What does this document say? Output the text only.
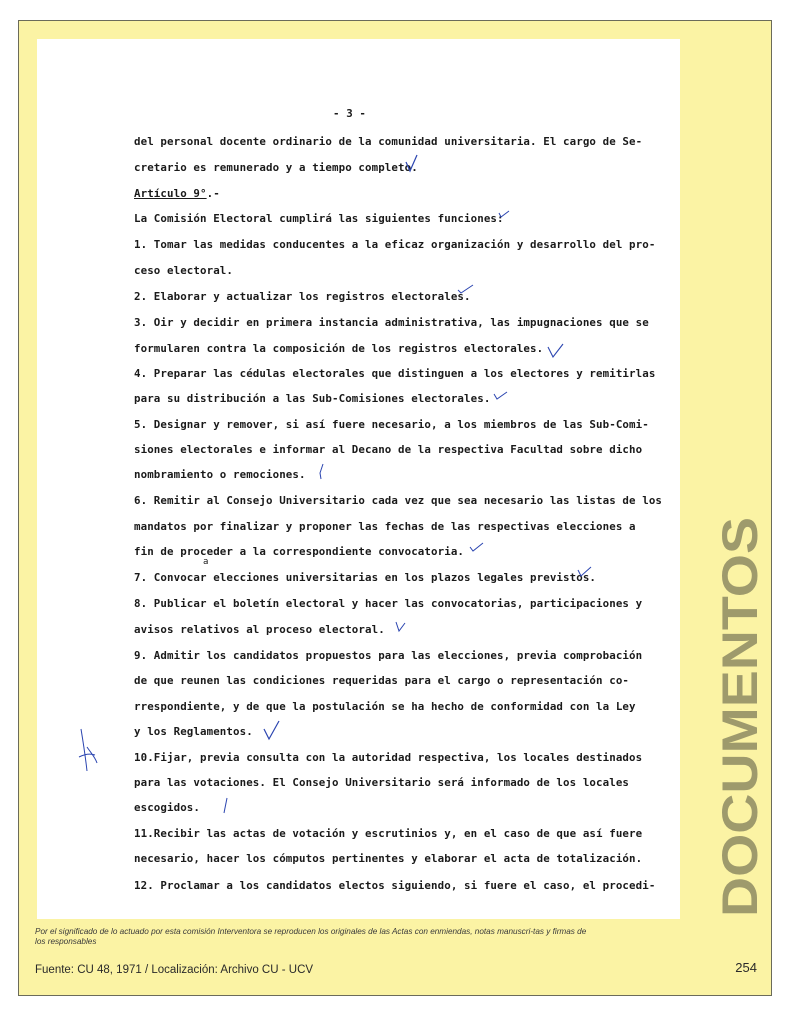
- 3 -

del personal docente ordinario de la comunidad universitaria. El cargo de Se-

cretario es remunerado y a tiempo completo.

Artículo 9°.-

La Comisión Electoral cumplirá las siguientes funciones:

1. Tomar las medidas conducentes a la eficaz organización y desarrollo del pro-

ceso electoral.

2. Elaborar y actualizar los registros electorales.

3. Oir y decidir en primera instancia administrativa, las impugnaciones que se

formularen contra la composición de los registros electorales.

4. Preparar las cédulas electorales que distinguen a los electores y remitirlas

para su distribución a las Sub-Comisiones electorales.

5. Designar y remover, si así fuere necesario, a los miembros de las Sub-Comi-

siones electorales e informar al Decano de la respectiva Facultad sobre dicho

nombramiento o remociones.

6. Remitir al Consejo Universitario cada vez que sea necesario las listas de los

mandatos por finalizar y proponer las fechas de las respectivas elecciones a

fin de proceder a la correspondiente convocatoria.

a

7. Convocar elecciones universitarias en los plazos legales previstos.

8. Publicar el boletín electoral y hacer las convocatorias, participaciones y

avisos relativos al proceso electoral.

9. Admitir los candidatos propuestos para las elecciones, previa comprobación

de que reunen las condiciones requeridas para el cargo o representación co-

rrespondiente, y de que la postulación se ha hecho de conformidad con la Ley

y los Reglamentos.

10.Fijar, previa consulta con la autoridad respectiva, los locales destinados

para las votaciones. El Consejo Universitario será informado de los locales

escogidos.

11.Recibir las actas de votación y escrutinios y, en el caso de que así fuere

necesario, hacer los cómputos pertinentes y elaborar el acta de totalización.

12. Proclamar a los candidatos electos siguiendo, si fuere el caso, el procedi- DOCUMENTOS
Por el significado de lo actuado por esta comisión Interventora se reproducen los originales de las Actas con enmiendas, notas manuscri-tas y firmas de los responsables
Fuente: CU 48, 1971 / Localización: Archivo CU - UCV	254
